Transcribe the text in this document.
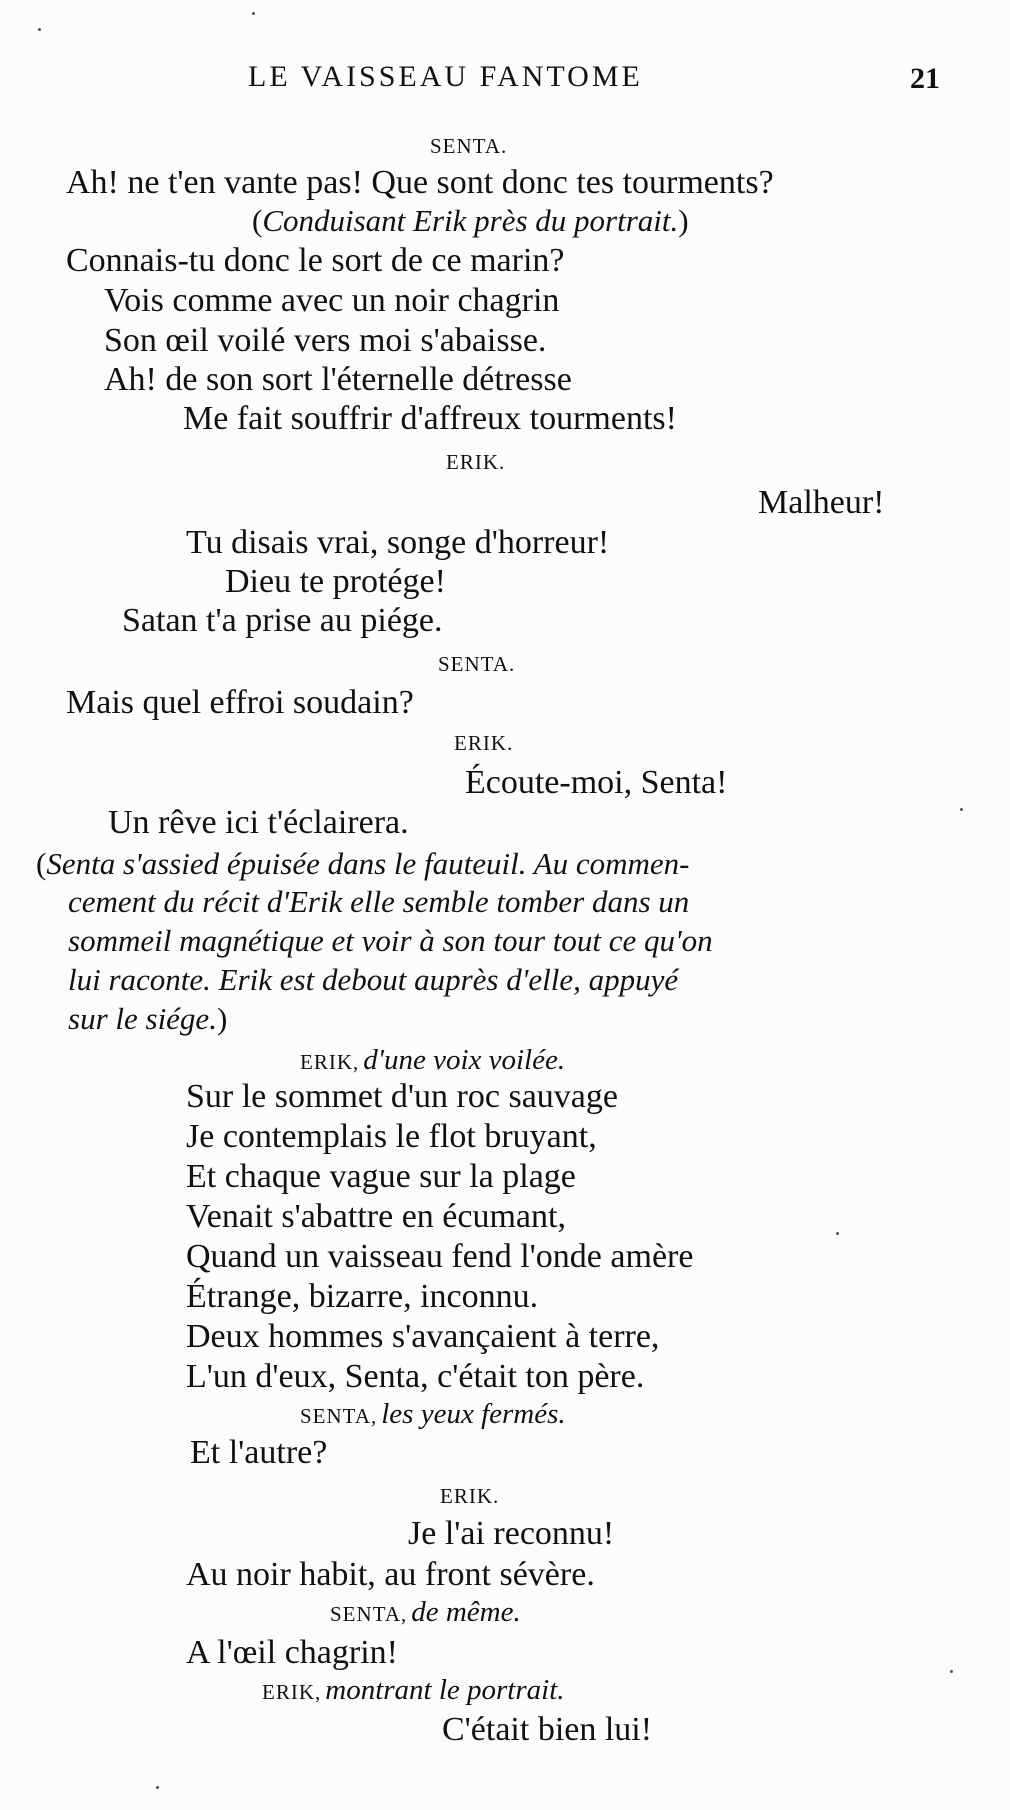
LE VAISSEAU FANTOME	21
SENTA.
Ah! ne t'en vante pas! Que sont donc tes tourments?
(Conduisant Erik près du portrait.)
Connais-tu donc le sort de ce marin?
Vois comme avec un noir chagrin
Son œil voilé vers moi s'abaisse.
Ah! de son sort l'éternelle détresse
Me fait souffrir d'affreux tourments!
ERIK.
Malheur!
Tu disais vrai, songe d'horreur!
Dieu te protége!
Satan t'a prise au piége.
SENTA.
Mais quel effroi soudain?
ERIK.
Écoute-moi, Senta!
Un rêve ici t'éclairera.
(Senta s'assied épuisée dans le fauteuil. Au commen-
cement du récit d'Erik elle semble tomber dans un
sommeil magnétique et voir à son tour tout ce qu'on
lui raconte. Erik est debout auprès d'elle, appuyé
sur le siége.)
ERIK, d'une voix voilée.
Sur le sommet d'un roc sauvage
Je contemplais le flot bruyant,
Et chaque vague sur la plage
Venait s'abattre en écumant,
Quand un vaisseau fend l'onde amère
Étrange, bizarre, inconnu.
Deux hommes s'avançaient à terre,
L'un d'eux, Senta, c'était ton père.
SENTA, les yeux fermés.
Et l'autre?
ERIK.
Je l'ai reconnu!
Au noir habit, au front sévère.
SENTA, de même.
A l'œil chagrin!
ERIK, montrant le portrait.
C'était bien lui!
